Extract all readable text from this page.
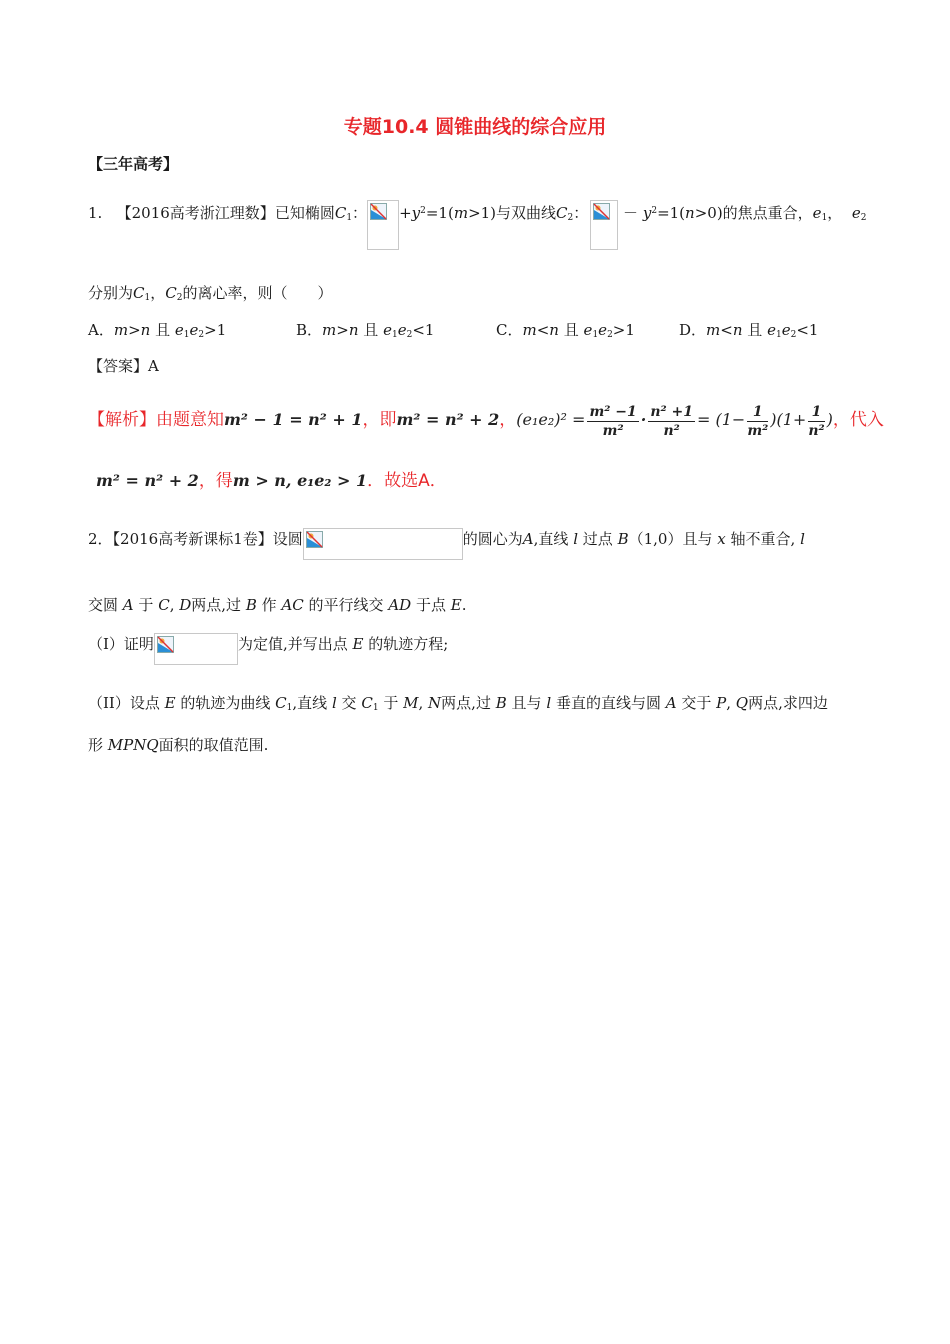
专题10.4 圆锥曲线的综合应用
【三年高考】
1. 【2016高考浙江理数】已知椭圆$C_1$： $+y^2=1(m>1)$与双曲线$C_2$： － $y^2=1(n>0)$的焦点重合，$e_1$， $e_2$
分别为$C_1$，$C_2$的离心率，则（　　）
A．m>n 且 $e_1e_2>1$	B．m>n 且 $e_1e_2<1$	C．m<n 且 $e_1e_2>1$	D．m<n 且 $e_1e_2<1$
【答案】A
【解析】由题意知m² − 1 = n² + 1，即m² = n² + 2，$(e_1e_2)^2 = \frac{\text{m² −1}}{\text{m²}} \cdot \frac{\text{n² +1}}{\text{n²}} = (1- \frac{1}{\text{m²}} )(1+ \frac{1}{\text{n²}}$ )，代入
m² = n² + 2，得m > n, e₁e₂ > 1．故选A．
2．【2016高考新课标1卷】设圆	的圆心为A,直线 l 过点 B（1,0）且与 x 轴不重合, l
交圆 A 于 C, D两点,过 B 作 AC 的平行线交 AD 于点 E.
（I）证明	为定值,并写出点 E 的轨迹方程;
（II）设点 E 的轨迹为曲线 $C_1$,直线 l 交 $C_1$ 于 M, N两点,过 B 且与 l 垂直的直线与圆 A 交于 P, Q两点,求四边
形 MPNQ面积的取值范围.
